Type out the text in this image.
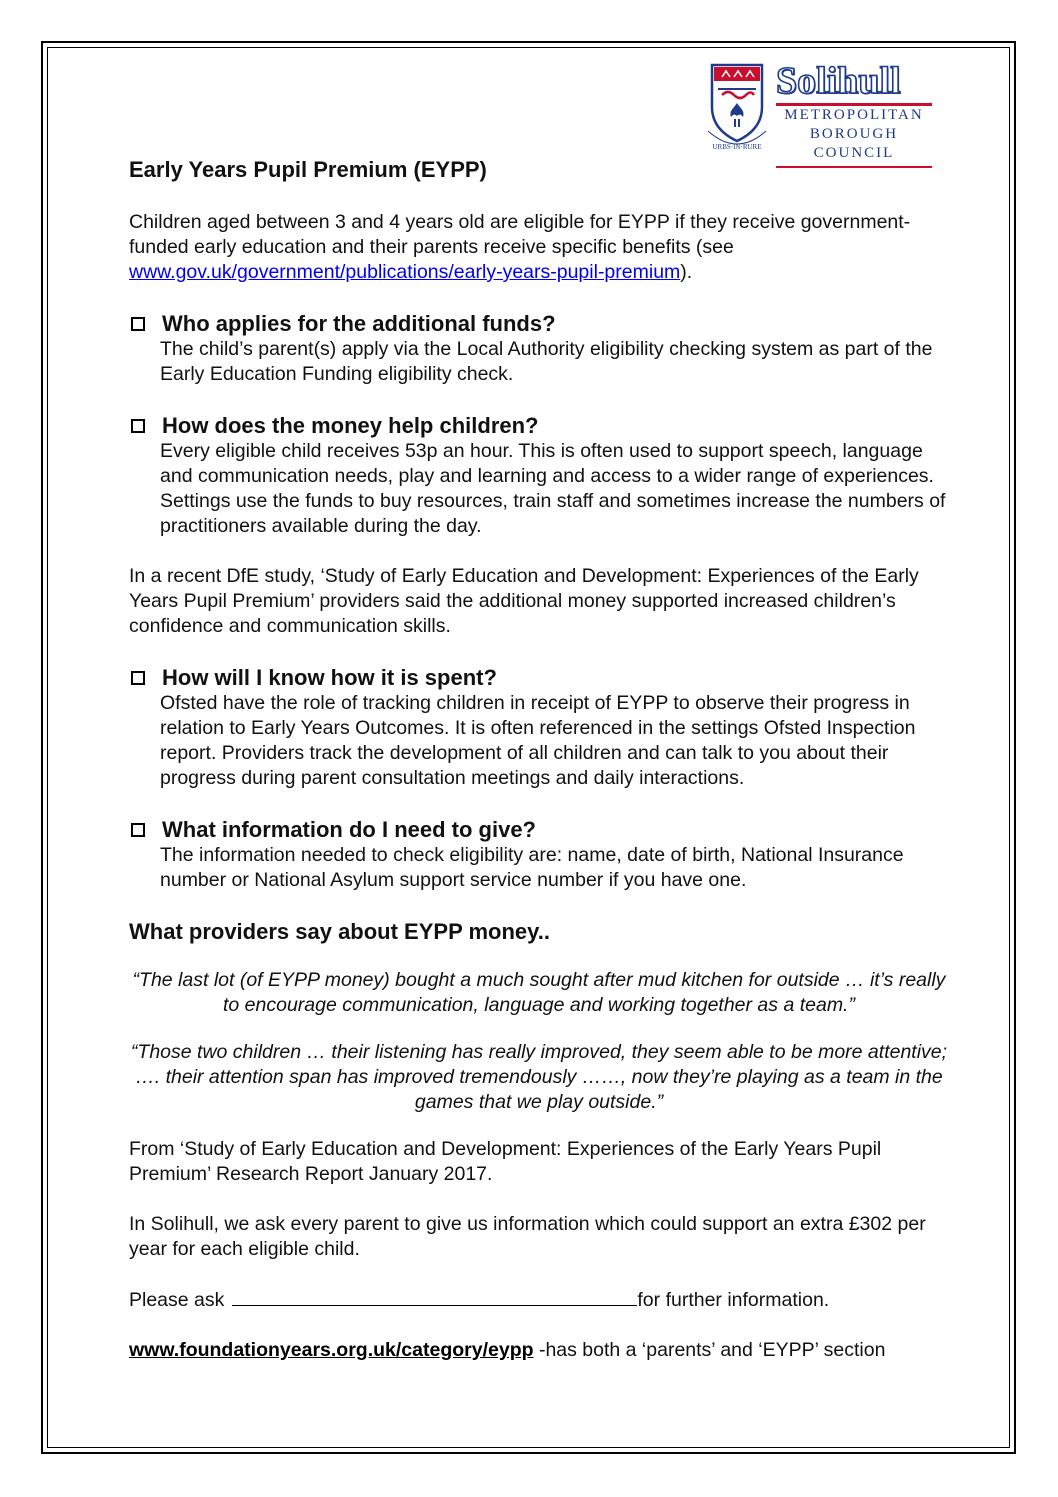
URBS·IN·RURE
Solihull
METROPOLITAN
BOROUGH COUNCIL
Early Years Pupil Premium (EYPP)

Children aged between 3 and 4 years old are eligible for EYPP if they receive government-funded early education and their parents receive specific benefits (see www.gov.uk/government/publications/early-years-pupil-premium).

Who applies for the additional funds?

The child’s parent(s) apply via the Local Authority eligibility checking system as part of the Early Education Funding eligibility check.

How does the money help children?

Every eligible child receives 53p an hour. This is often used to support speech, language and communication needs, play and learning and access to a wider range of experiences. Settings use the funds to buy resources, train staff and sometimes increase the numbers of practitioners available during the day.

In a recent DfE study, ‘Study of Early Education and Development: Experiences of the Early Years Pupil Premium’ providers said the additional money supported increased children’s confidence and communication skills.

How will I know how it is spent?

Ofsted have the role of tracking children in receipt of EYPP to observe their progress in relation to Early Years Outcomes. It is often referenced in the settings Ofsted Inspection report. Providers track the development of all children and can talk to you about their progress during parent consultation meetings and daily interactions.

What information do I need to give?

The information needed to check eligibility are: name, date of birth, National Insurance number or National Asylum support service number if you have one.

What providers say about EYPP money..

“The last lot (of EYPP money) bought a much sought after mud kitchen for outside … it’s really to encourage communication, language and working together as a team.”

“Those two children … their listening has really improved, they seem able to be more attentive; …. their attention span has improved tremendously ……, now they’re playing as a team in the games that we play outside.”

From ‘Study of Early Education and Development: Experiences of the Early Years Pupil Premium’ Research Report January 2017.

In Solihull, we ask every parent to give us information which could support an extra £302 per year for each eligible child.

Please ask	for further information.

www.foundationyears.org.uk/category/eypp -has both a ‘parents’ and ‘EYPP’ section
